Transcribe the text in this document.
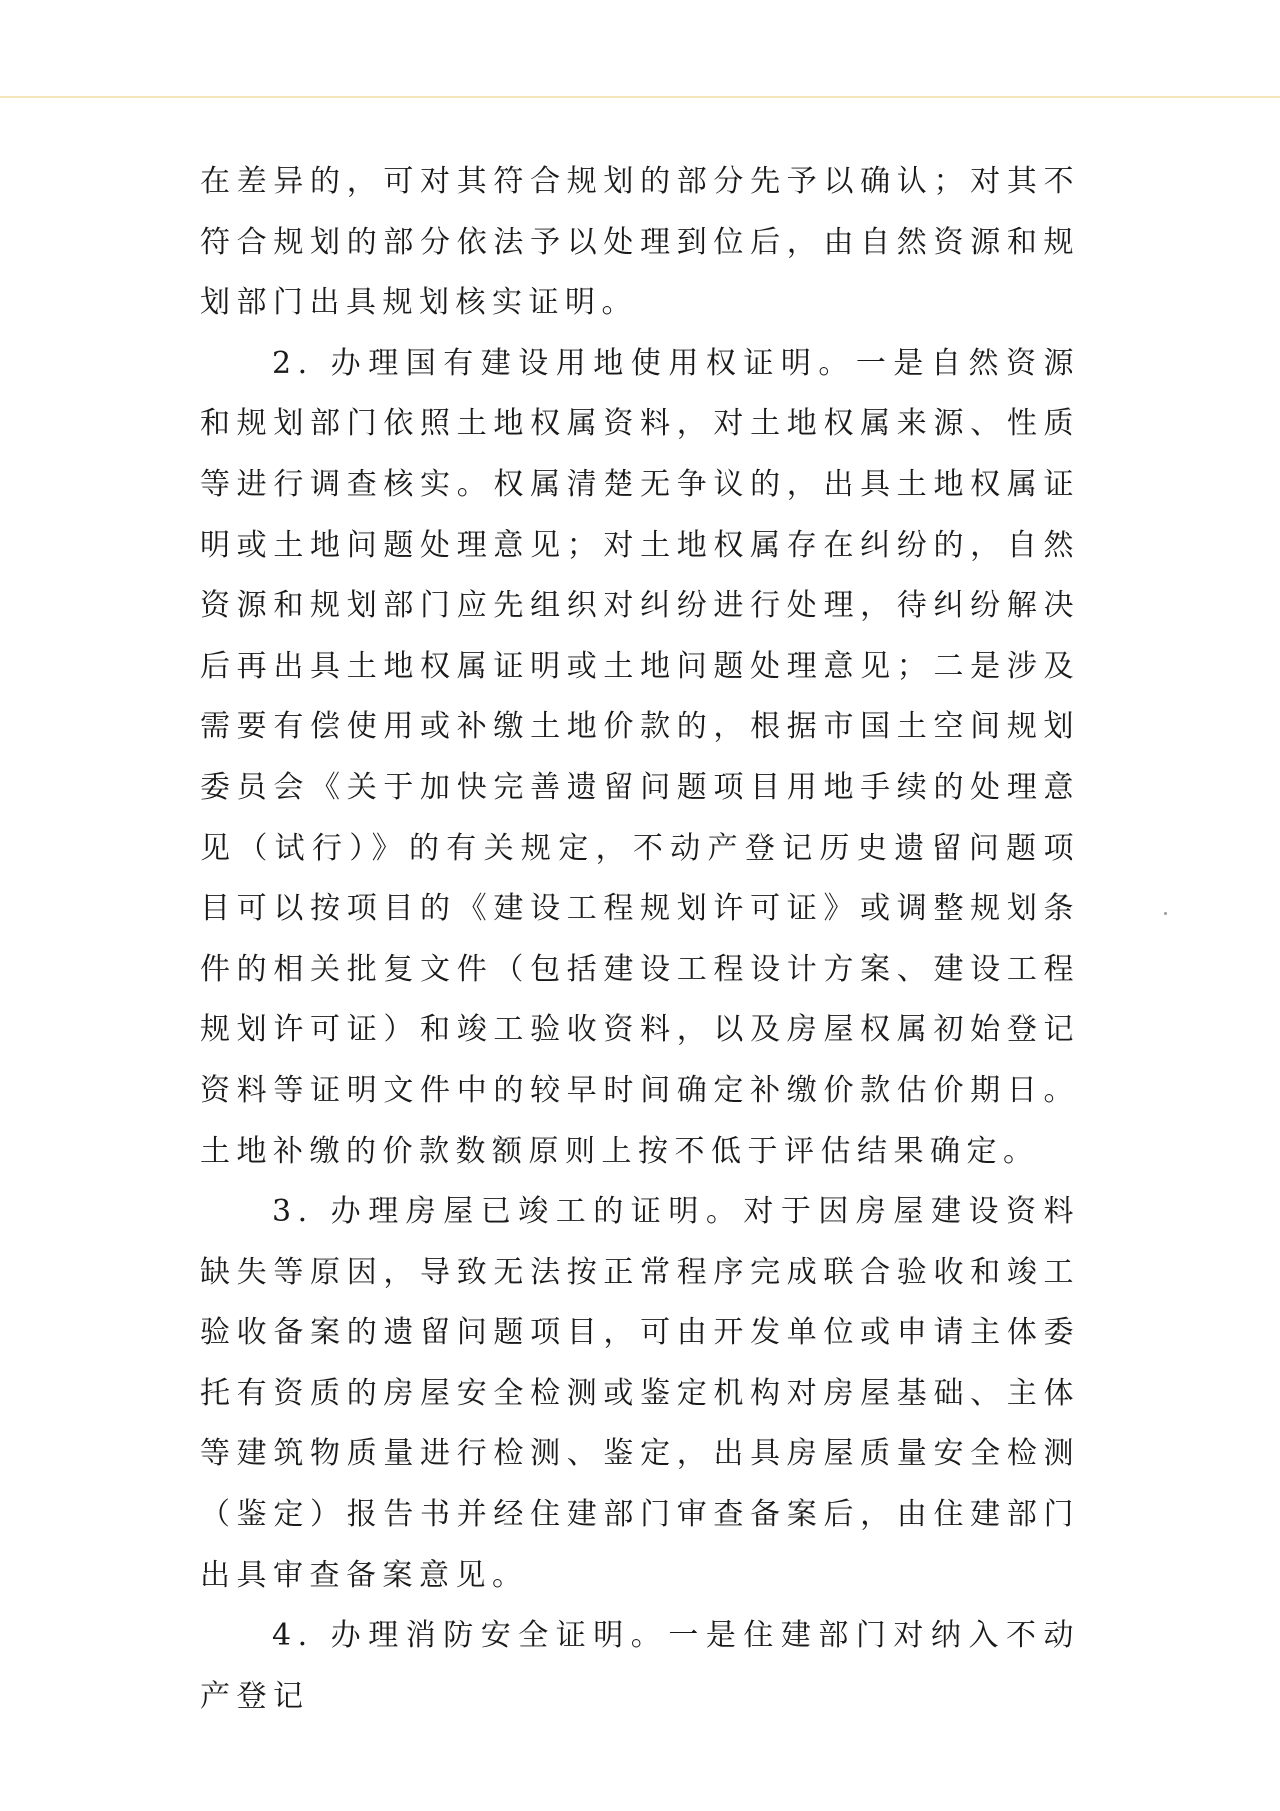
在差异的，可对其符合规划的部分先予以确认；对其不符合规划的部分依法予以处理到位后，由自然资源和规划部门出具规划核实证明。

2. 办理国有建设用地使用权证明。一是自然资源和规划部门依照土地权属资料，对土地权属来源、性质等进行调查核实。权属清楚无争议的，出具土地权属证明或土地问题处理意见；对土地权属存在纠纷的，自然资源和规划部门应先组织对纠纷进行处理，待纠纷解决后再出具土地权属证明或土地问题处理意见；二是涉及需要有偿使用或补缴土地价款的，根据市国土空间规划委员会《关于加快完善遗留问题项目用地手续的处理意见（试行）》的有关规定，不动产登记历史遗留问题项目可以按项目的《建设工程规划许可证》或调整规划条件的相关批复文件（包括建设工程设计方案、建设工程规划许可证）和竣工验收资料，以及房屋权属初始登记资料等证明文件中的较早时间确定补缴价款估价期日。土地补缴的价款数额原则上按不低于评估结果确定。

3. 办理房屋已竣工的证明。对于因房屋建设资料缺失等原因，导致无法按正常程序完成联合验收和竣工验收备案的遗留问题项目，可由开发单位或申请主体委托有资质的房屋安全检测或鉴定机构对房屋基础、主体等建筑物质量进行检测、鉴定，出具房屋质量安全检测（鉴定）报告书并经住建部门审查备案后，由住建部门出具审查备案意见。

4. 办理消防安全证明。一是住建部门对纳入不动产登记
